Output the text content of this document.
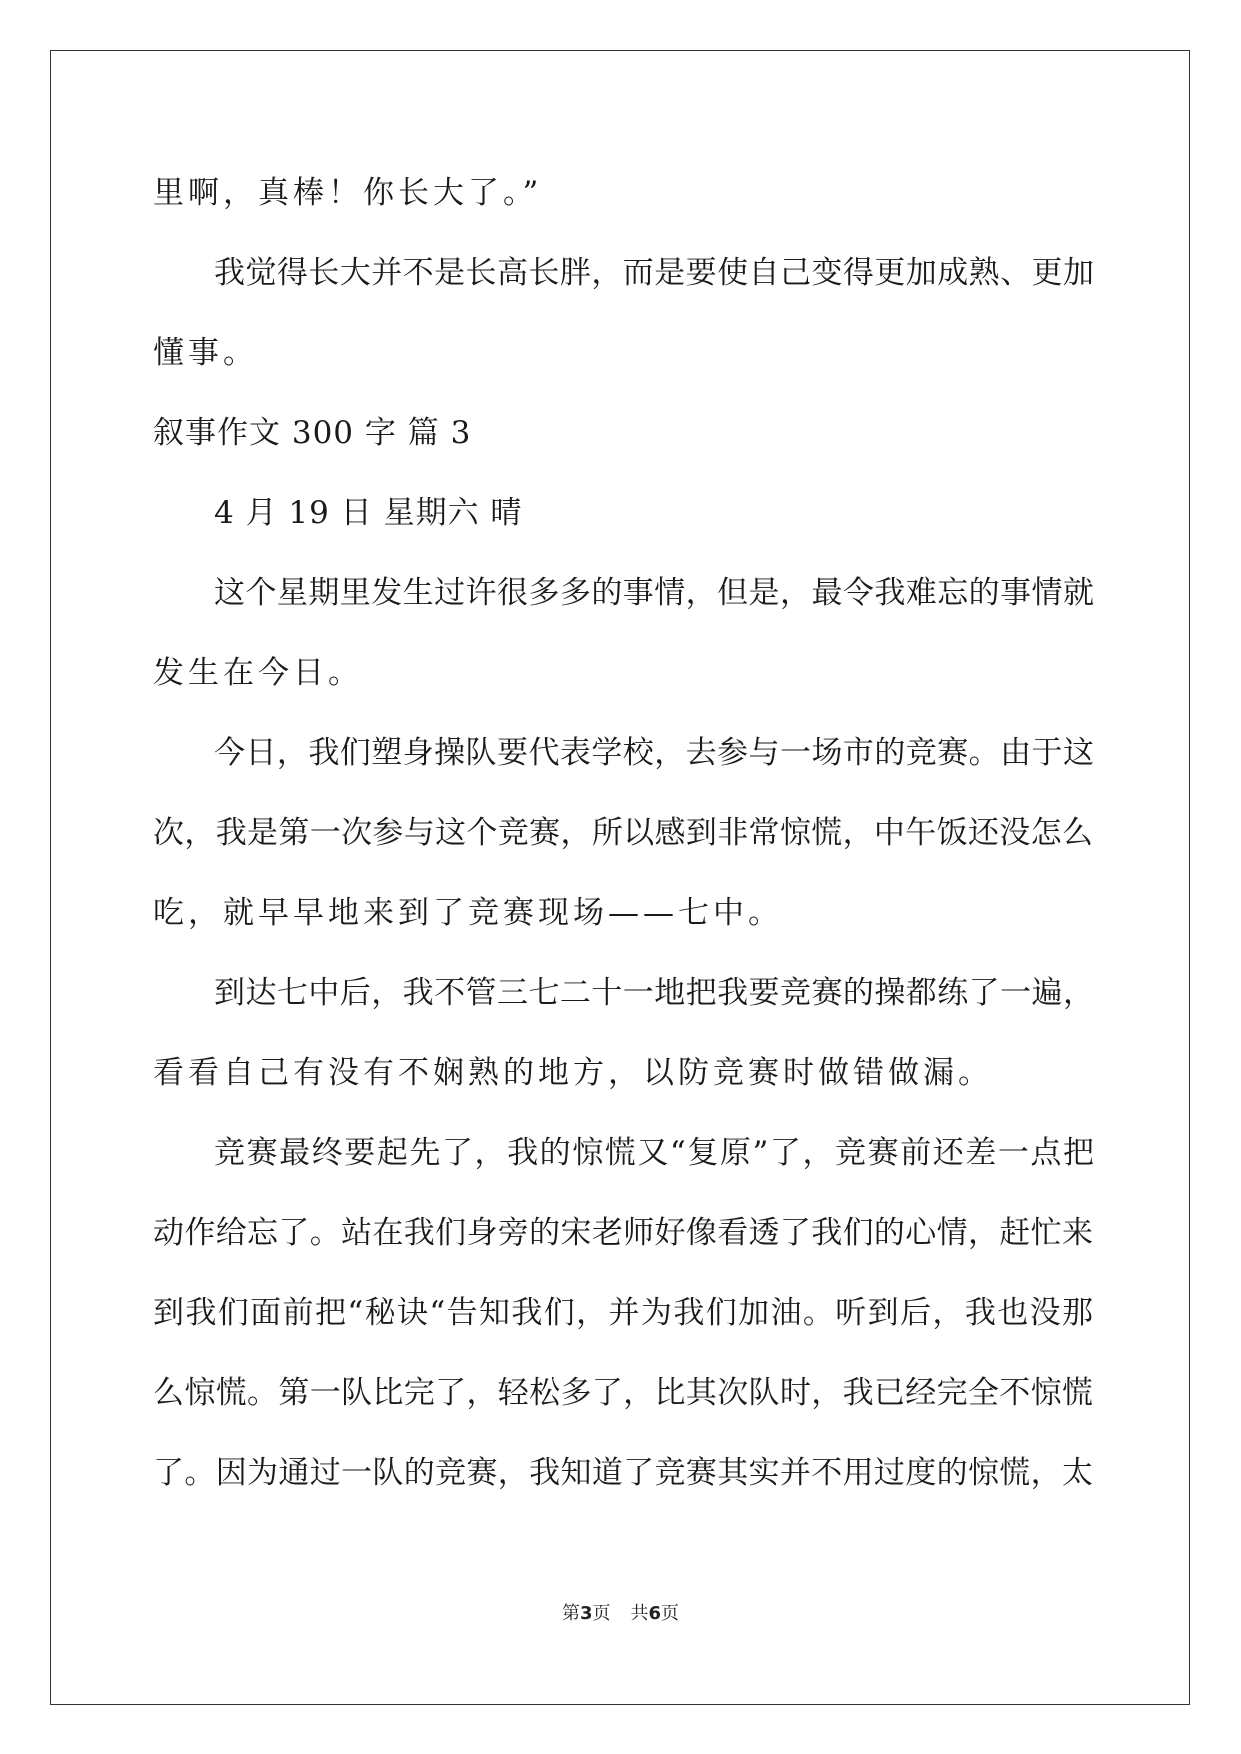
里啊，真棒！你长大了。”
我觉得长大并不是长高长胖，而是要使自己变得更加成熟、更加
懂事。
叙事作文 300 字 篇 3
4 月 19 日 星期六 晴
这个星期里发生过许很多多的事情，但是，最令我难忘的事情就
发生在今日。
今日，我们塑身操队要代表学校，去参与一场市的竞赛。由于这
次，我是第一次参与这个竞赛，所以感到非常惊慌，中午饭还没怎么
吃，就早早地来到了竞赛现场——七中。
到达七中后，我不管三七二十一地把我要竞赛的操都练了一遍，
看看自己有没有不娴熟的地方，以防竞赛时做错做漏。
竞赛最终要起先了，我的惊慌又“复原”了，竞赛前还差一点把
动作给忘了。站在我们身旁的宋老师好像看透了我们的心情，赶忙来
到我们面前把“秘诀“告知我们，并为我们加油。听到后，我也没那
么惊慌。第一队比完了，轻松多了，比其次队时，我已经完全不惊慌
了。因为通过一队的竞赛，我知道了竞赛其实并不用过度的惊慌，太
第3页 共6页
